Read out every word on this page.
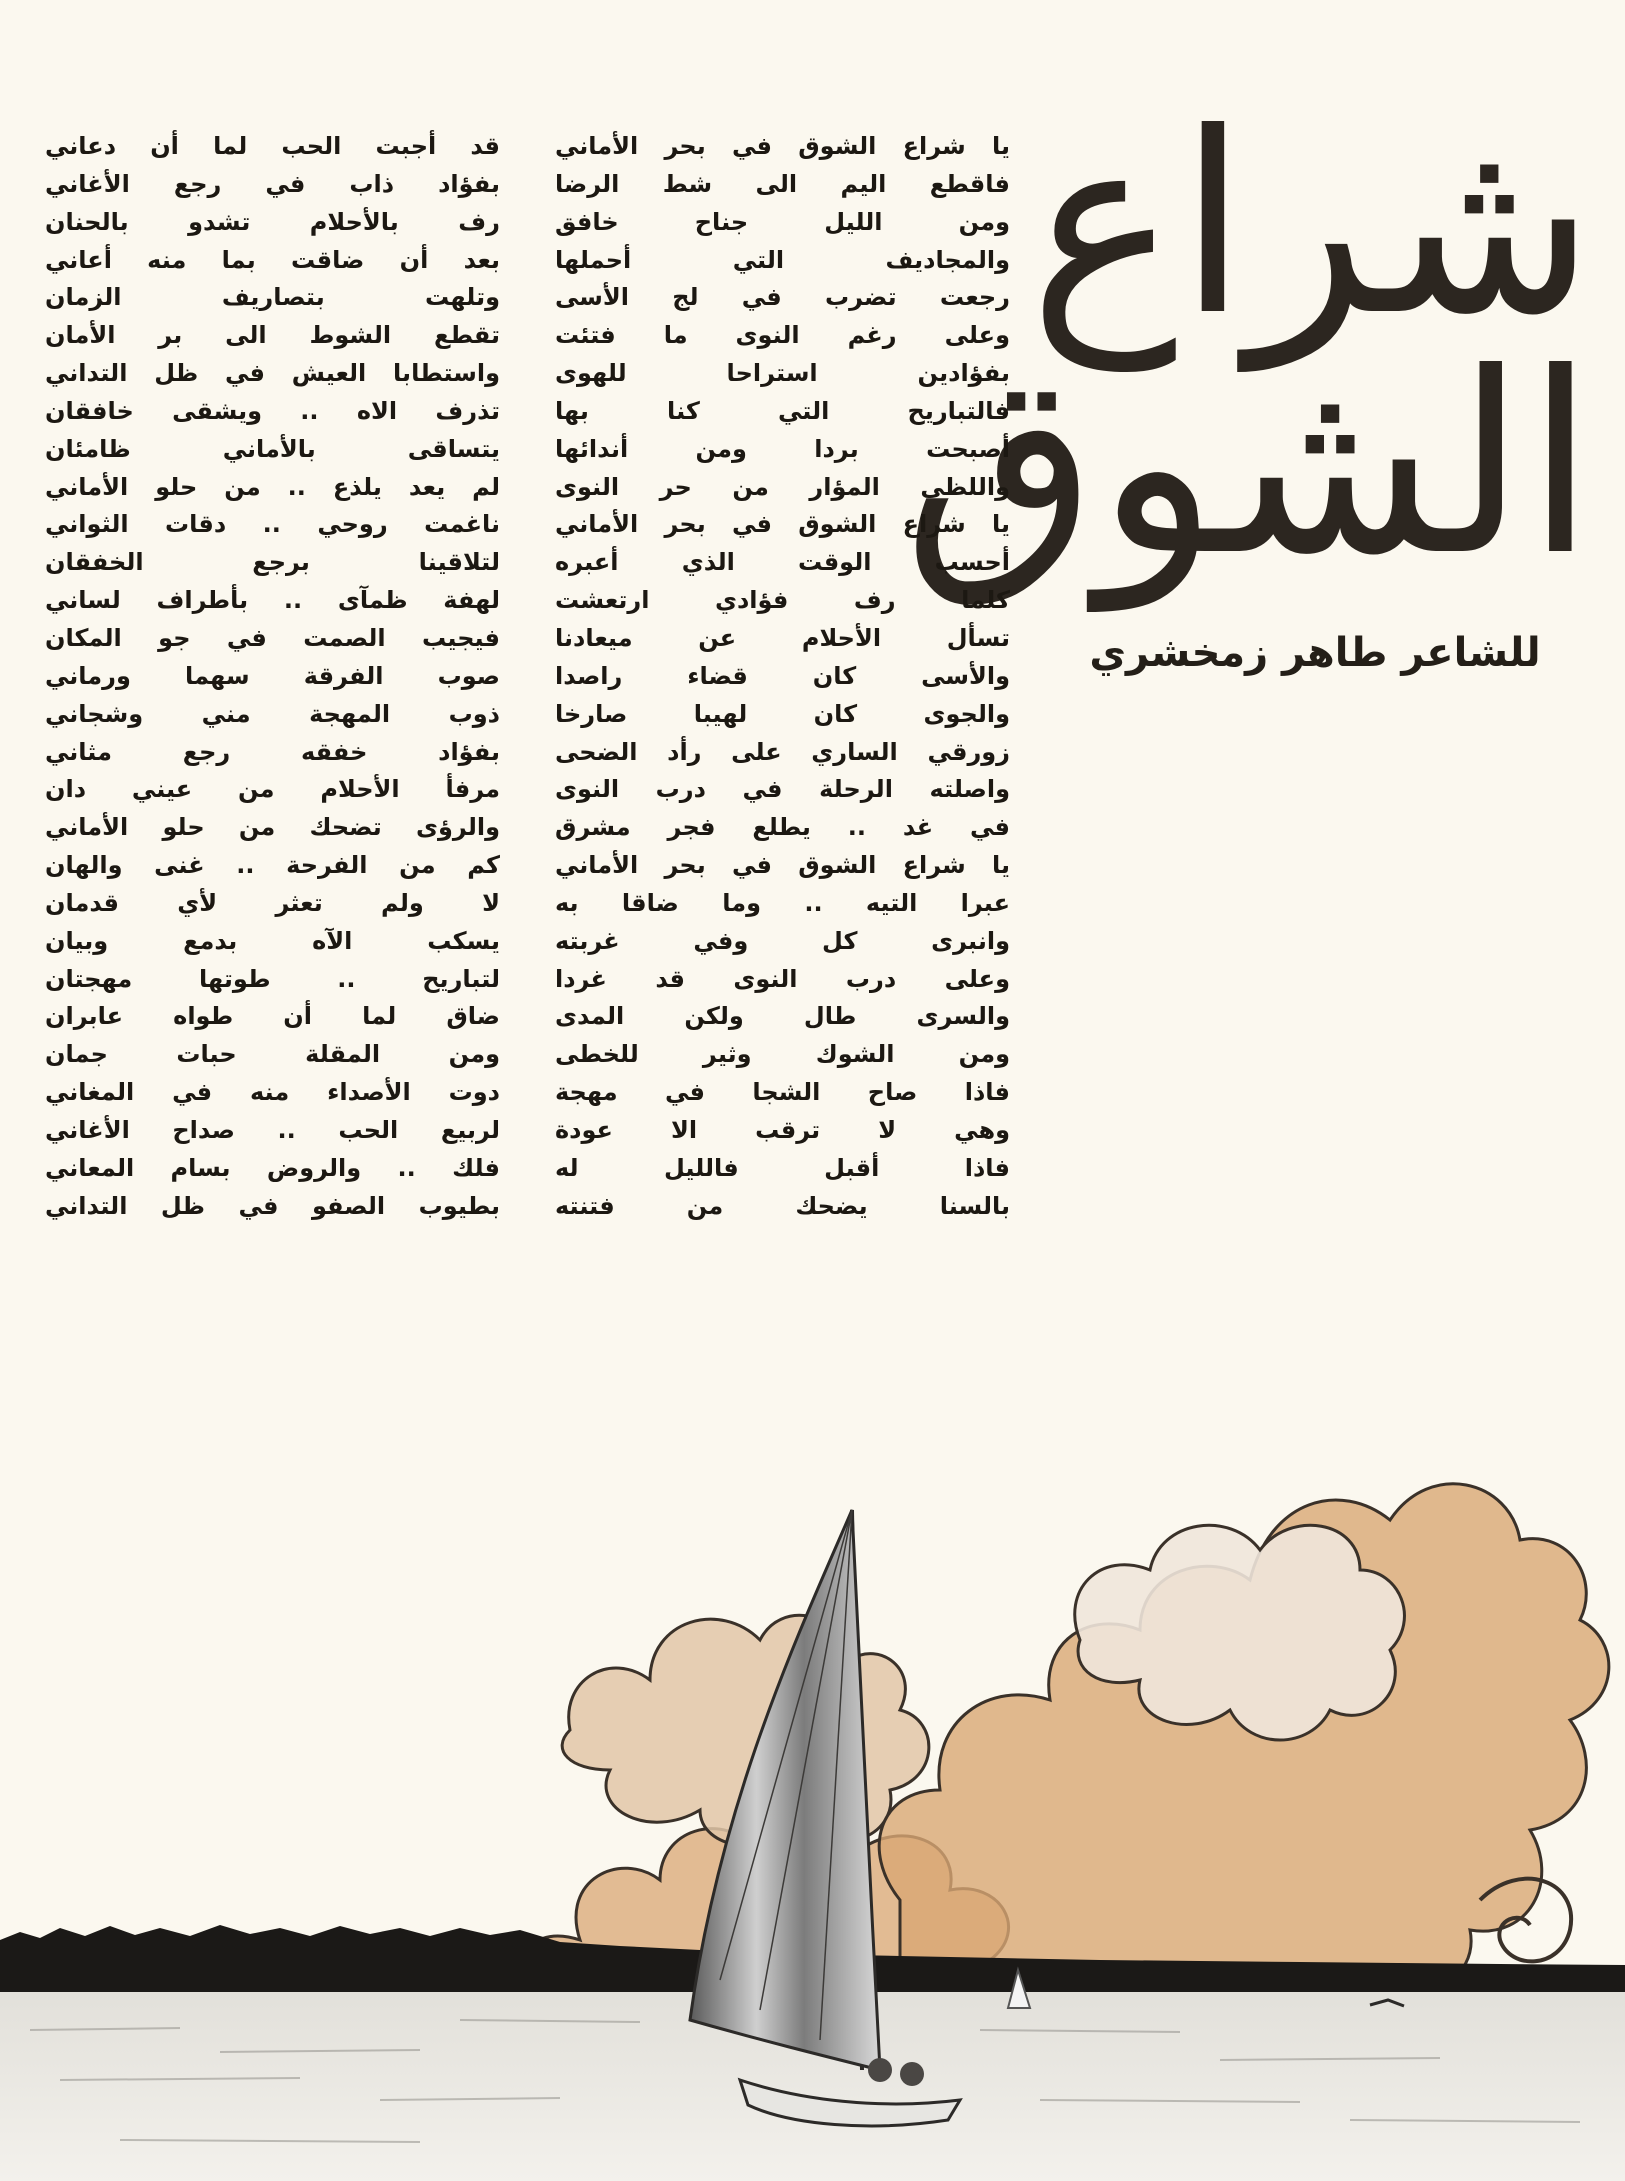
شراع
الشوق
للشاعر طاهر زمخشري
يا شراع الشوق في بحر الأماني
فاقطع اليم الى شط الرضا
ومن الليل جناح خافق
والمجاديف التي أحملها
رجعت تضرب في لج الأسى
وعلى رغم النوى ما فتئت
بفؤادين استراحا للهوى
فالتباريح التي كنا بها
أصبحت بردا ومن أندائها
واللظى المؤار من حر النوى
يا شراع الشوق في بحر الأماني
أحسب الوقت الذي أعبره
كلما رف فؤادي ارتعشت
تسأل الأحلام عن ميعادنا
والأسى كان قضاء راصدا
والجوى كان لهيبا صارخا
زورقي الساري على رأد الضحى
واصلته الرحلة في درب النوى
في غد .. يطلع فجر مشرق
يا شراع الشوق في بحر الأماني
عبرا التيه .. وما ضاقا به
وانبرى كل وفي غربته
وعلى درب النوى قد غردا
والسرى طال ولكن المدى
ومن الشوك وثير للخطى
فاذا صاح الشجا في مهجة
وهي لا ترقب الا عودة
فاذا أقبل فالليل له
بالسنا يضحك من فتنته
قد أجبت الحب لما أن دعاني
بفؤاد ذاب في رجع الأغاني
رف بالأحلام تشدو بالحنان
بعد أن ضاقت بما منه أعاني
وتلهت بتصاريف الزمان
تقطع الشوط الى بر الأمان
واستطابا العيش في ظل التداني
تذرف الاه .. ويشقى خافقان
يتساقى بالأماني ظامئان
لم يعد يلذع .. من حلو الأماني
ناغمت روحي .. دقات الثواني
لتلاقينا برجع الخفقان
لهفة ظمآى .. بأطراف لساني
فيجيب الصمت في جو المكان
صوب الفرقة سهما ورماني
ذوب المهجة مني وشجاني
بفؤاد خفقه رجع مثاني
مرفأ الأحلام من عيني دان
والرؤى تضحك من حلو الأماني
كم من الفرحة .. غنى والهان
لا ولم تعثر لأي قدمان
يسكب الآه بدمع وبيان
لتباريح .. طوتها مهجتان
ضاق لما أن طواه عابران
ومن المقلة حبات جمان
دوت الأصداء منه في المغاني
لربيع الحب .. صداح الأغاني
فلك .. والروض بسام المعاني
بطيوب الصفو في ظل التداني
